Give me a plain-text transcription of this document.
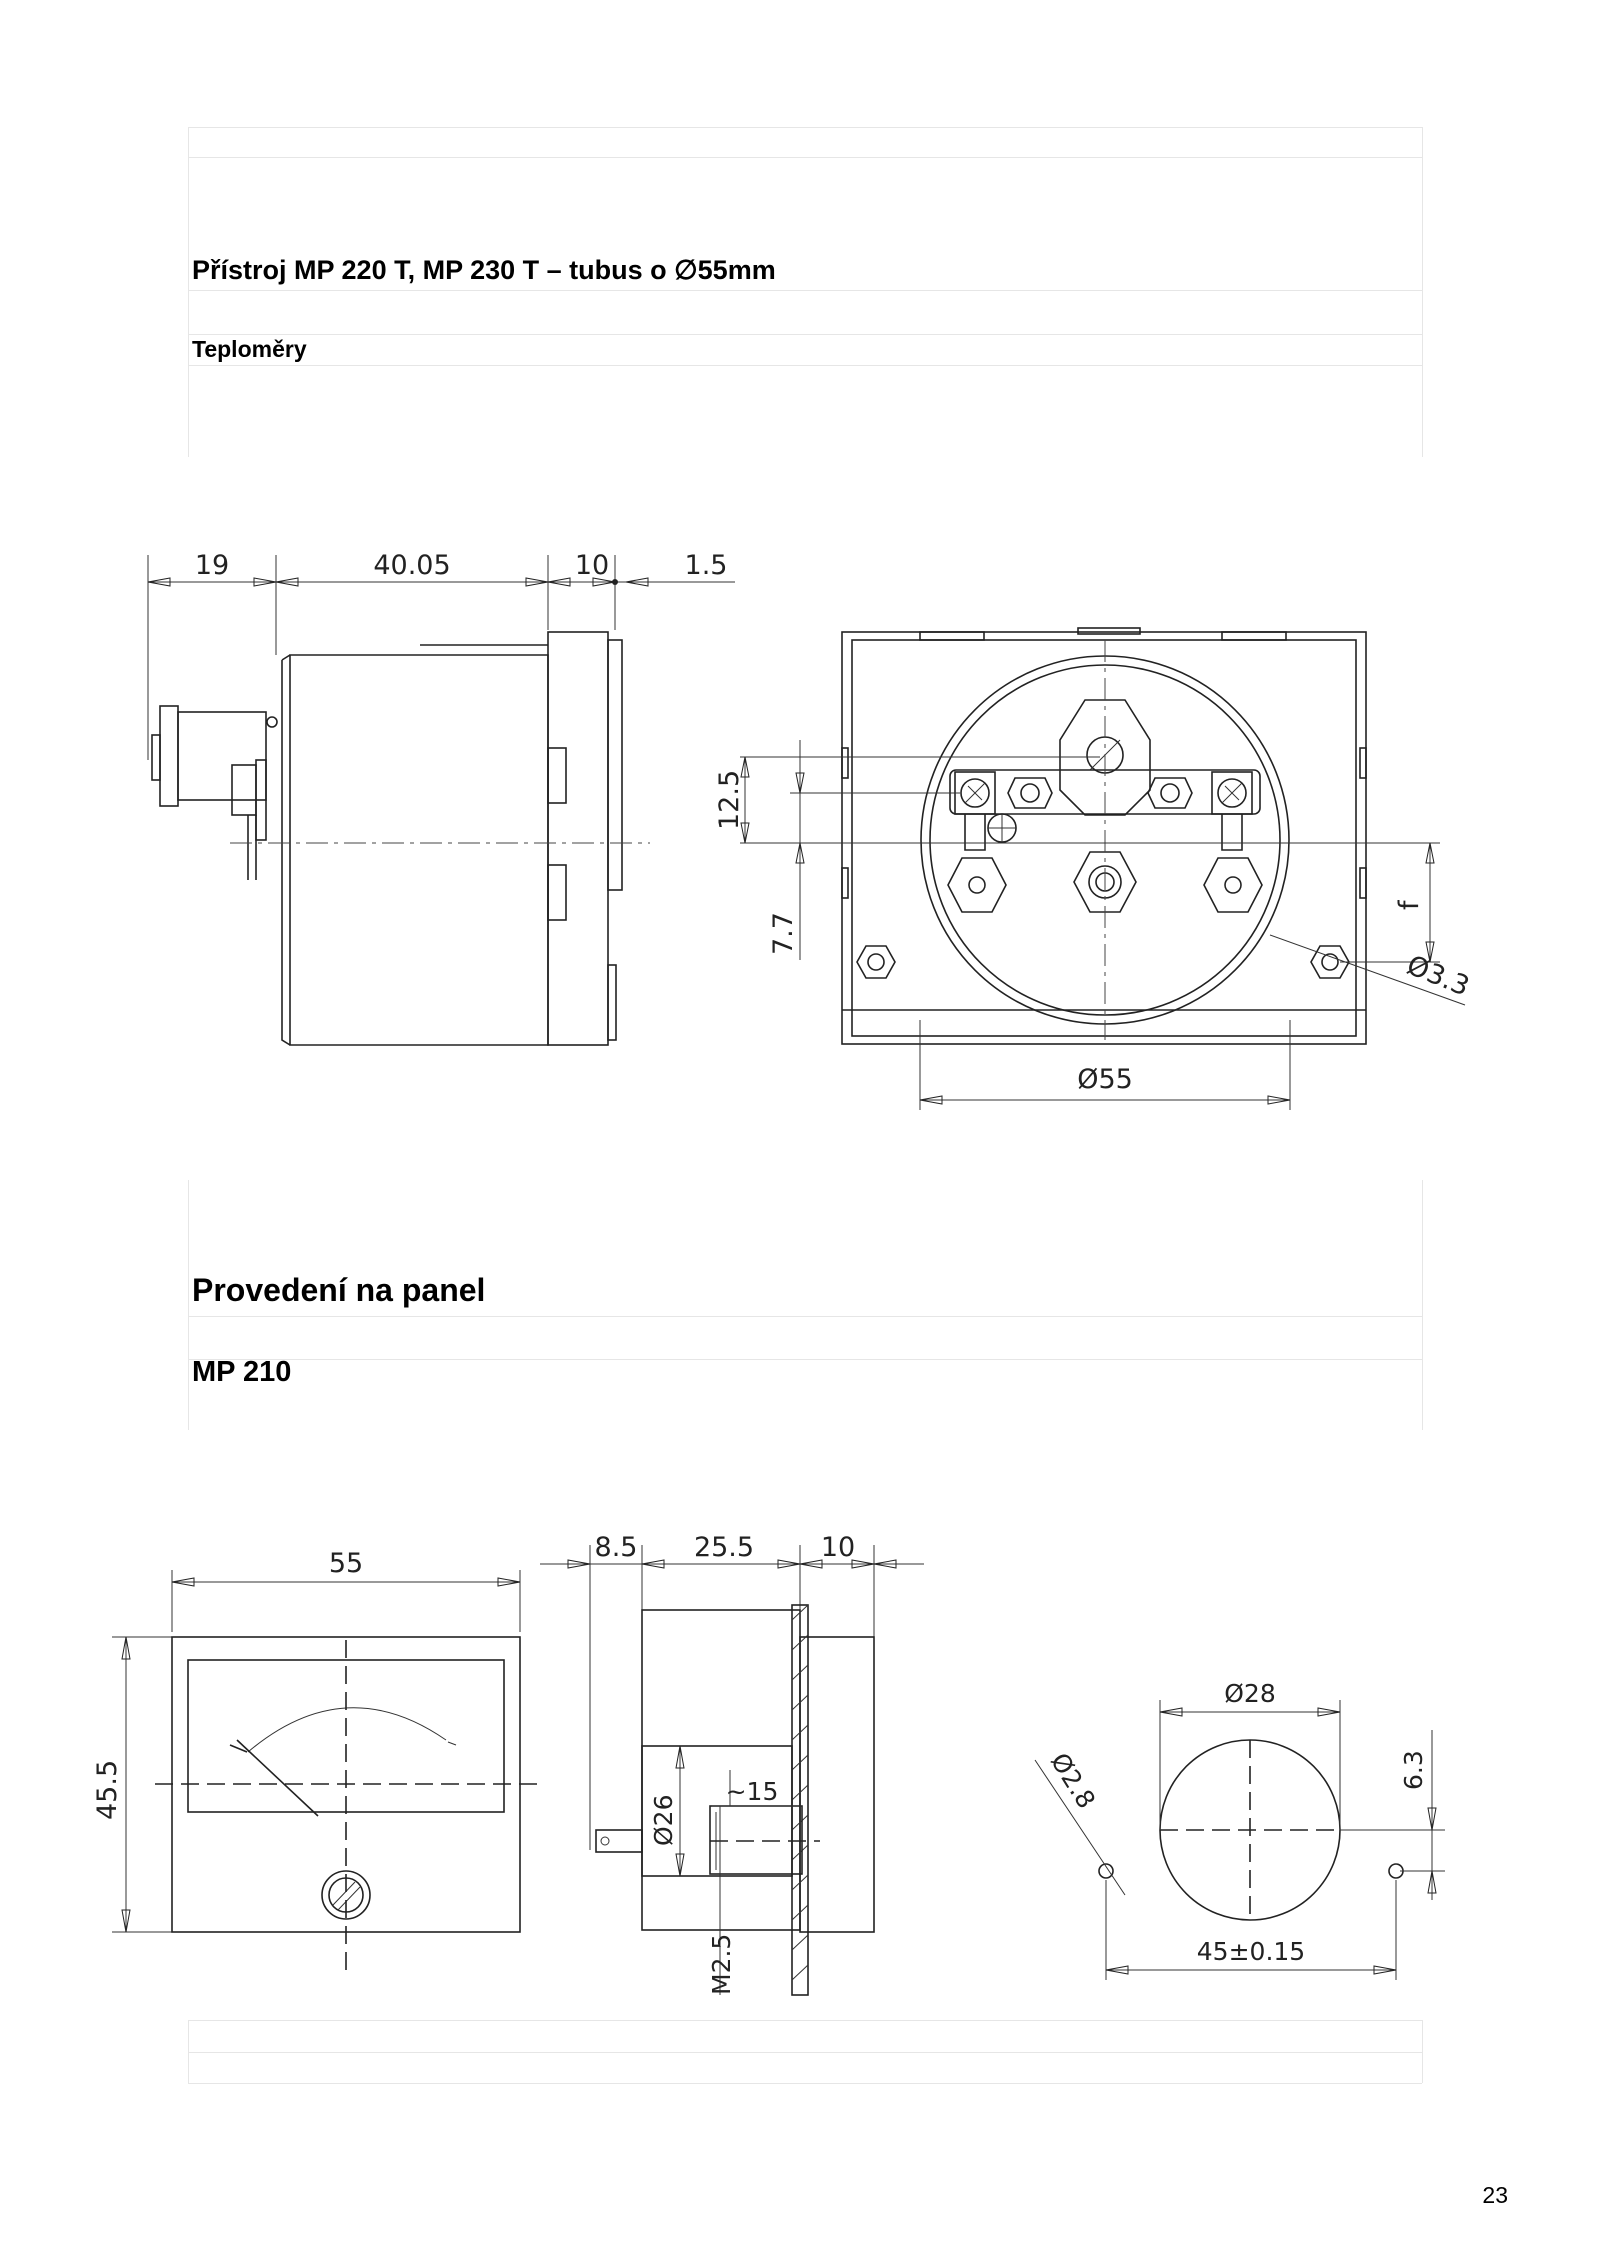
Přístroj MP 220 T, MP 230 T – tubus o ∅55mm
Teploměry
Provedení na panel
MP 210
19	40.05	10	1.5
12.5
7.7
f
Ø3.3
Ø55
55
45.5
8.5 25.5 10
Ø26
~15
M2.5
Ø28
Ø2.8
45±0.15
6.3
23
